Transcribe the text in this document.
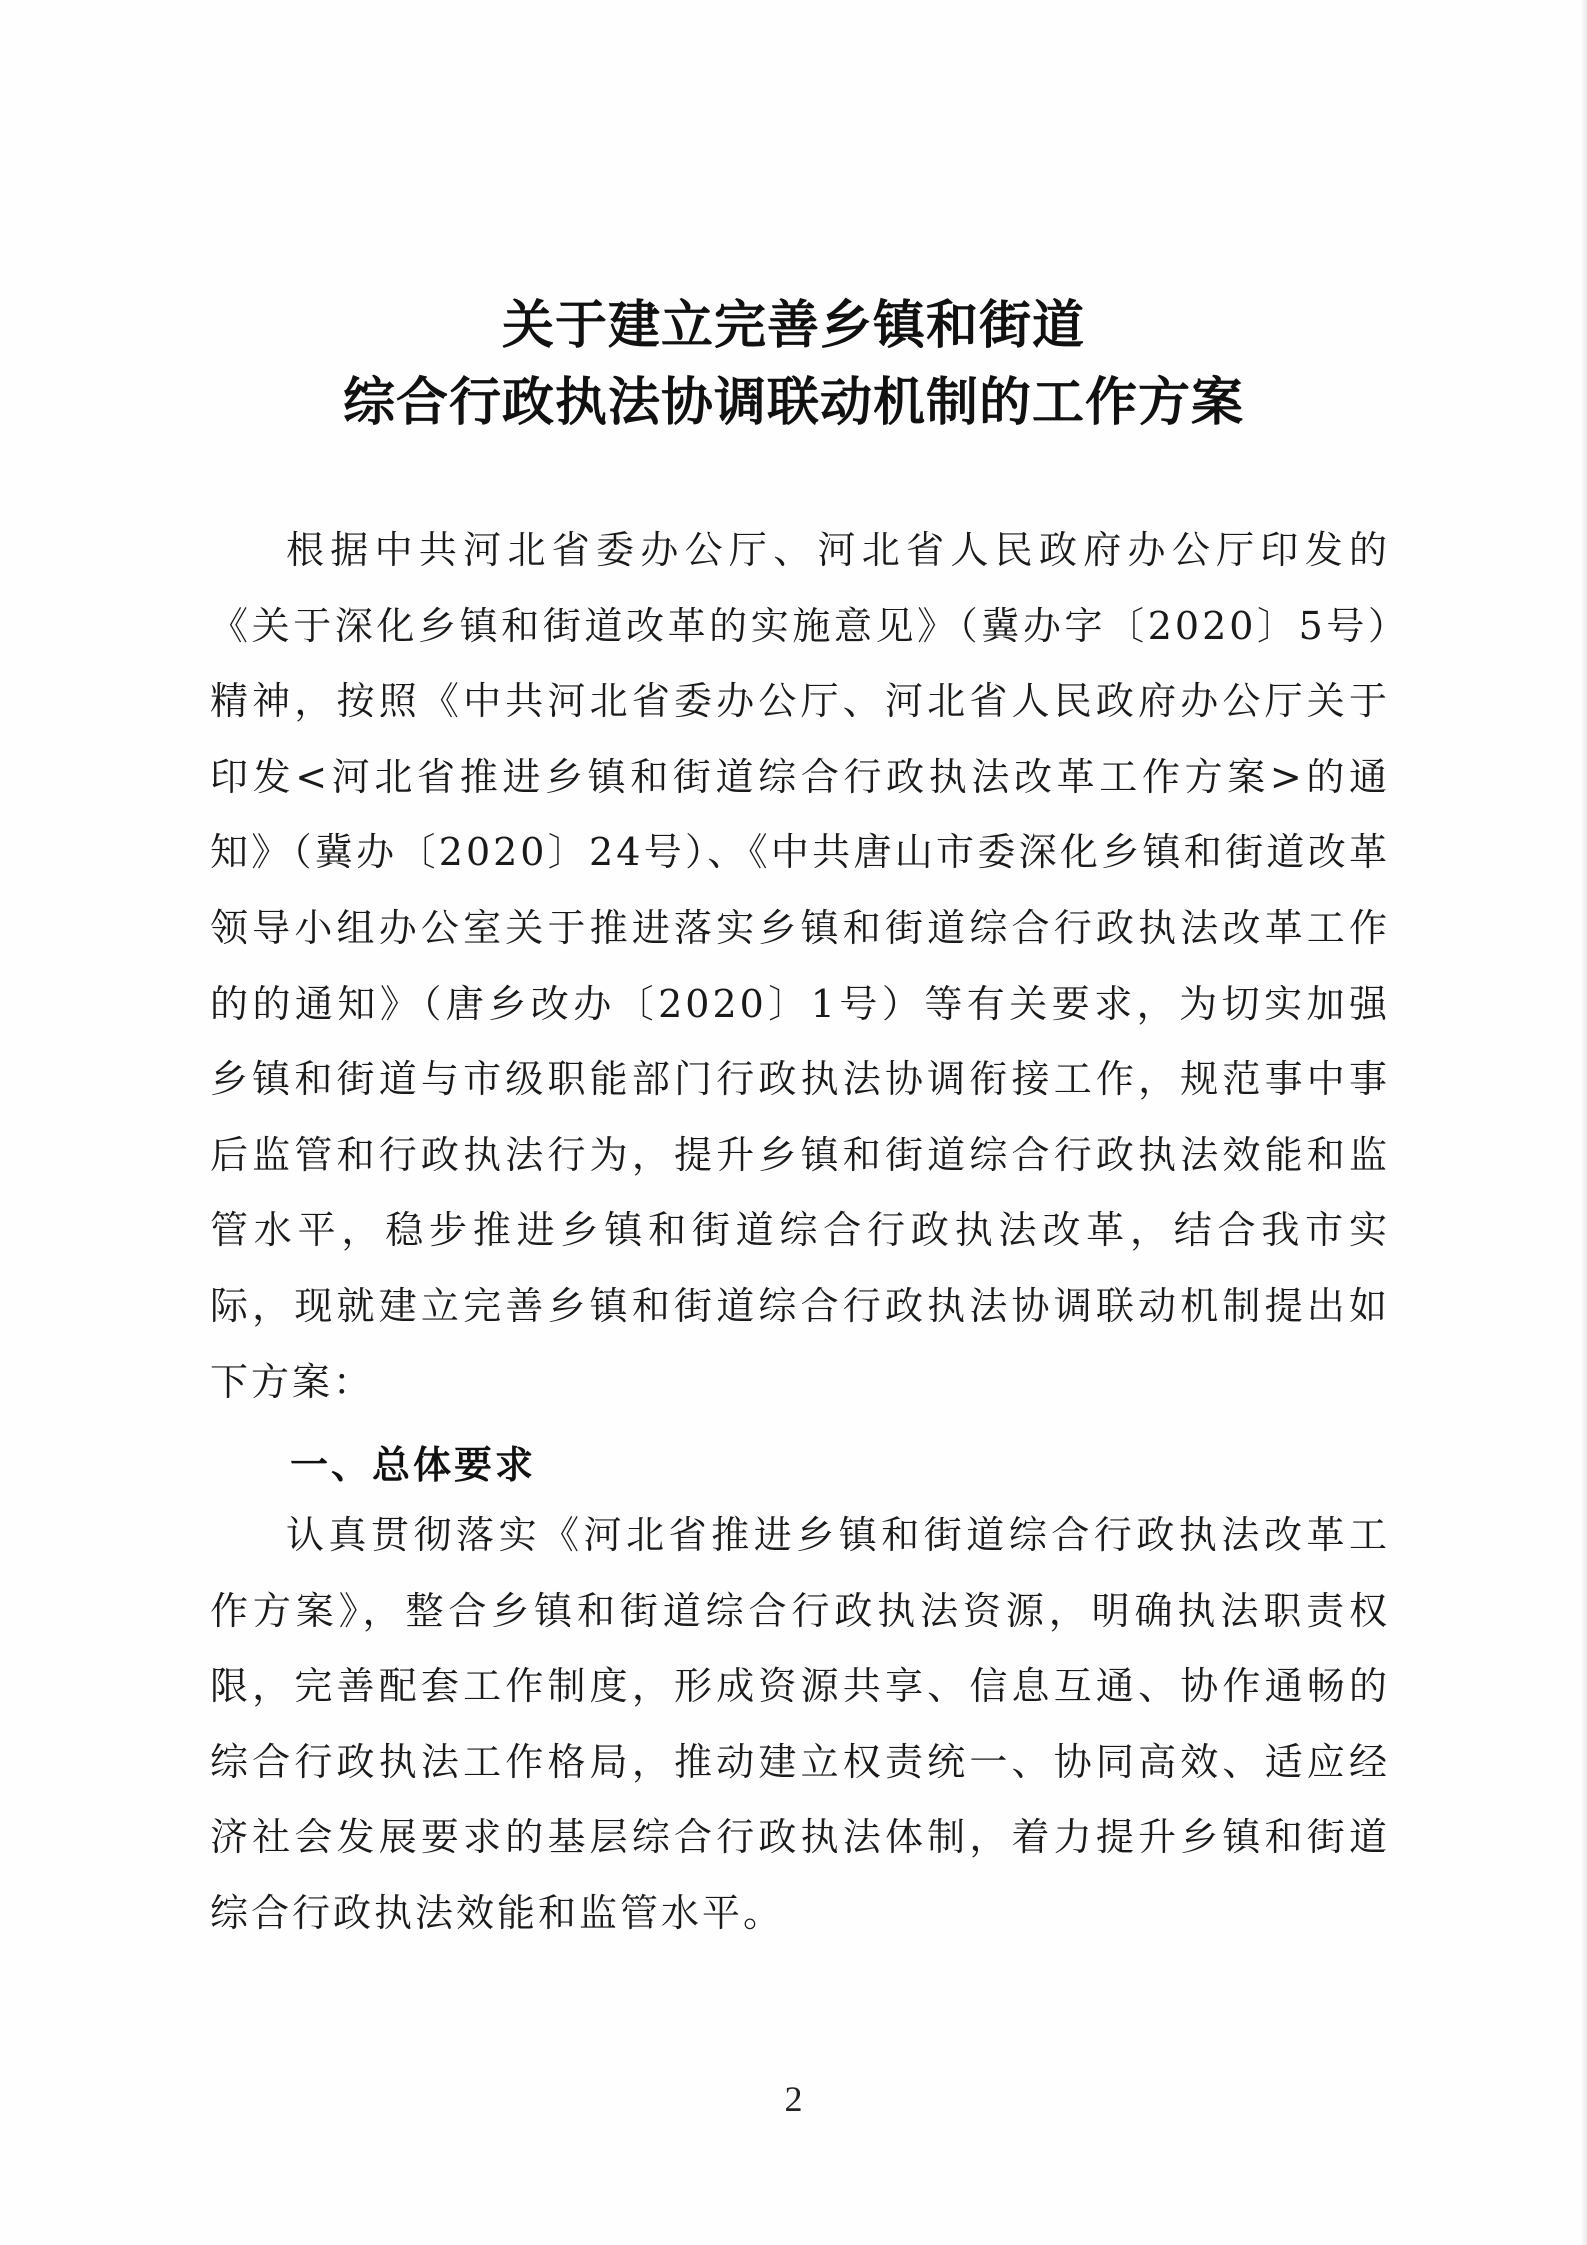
关于建立完善乡镇和街道
综合行政执法协调联动机制的工作方案

根据中共河北省委办公厅、河北省人民政府办公厅印发的《关于深化乡镇和街道改革的实施意见》（冀办字〔2020〕5号）精神，按照《中共河北省委办公厅、河北省人民政府办公厅关于印发<河北省推进乡镇和街道综合行政执法改革工作方案>的通知》（冀办〔2020〕24号）、《中共唐山市委深化乡镇和街道改革领导小组办公室关于推进落实乡镇和街道综合行政执法改革工作的的通知》（唐乡改办〔2020〕1号）等有关要求，为切实加强乡镇和街道与市级职能部门行政执法协调衔接工作，规范事中事后监管和行政执法行为，提升乡镇和街道综合行政执法效能和监管水平，稳步推进乡镇和街道综合行政执法改革，结合我市实际，现就建立完善乡镇和街道综合行政执法协调联动机制提出如下方案：

一、总体要求

认真贯彻落实《河北省推进乡镇和街道综合行政执法改革工作方案》，整合乡镇和街道综合行政执法资源，明确执法职责权限，完善配套工作制度，形成资源共享、信息互通、协作通畅的综合行政执法工作格局，推动建立权责统一、协同高效、适应经济社会发展要求的基层综合行政执法体制，着力提升乡镇和街道综合行政执法效能和监管水平。

2
